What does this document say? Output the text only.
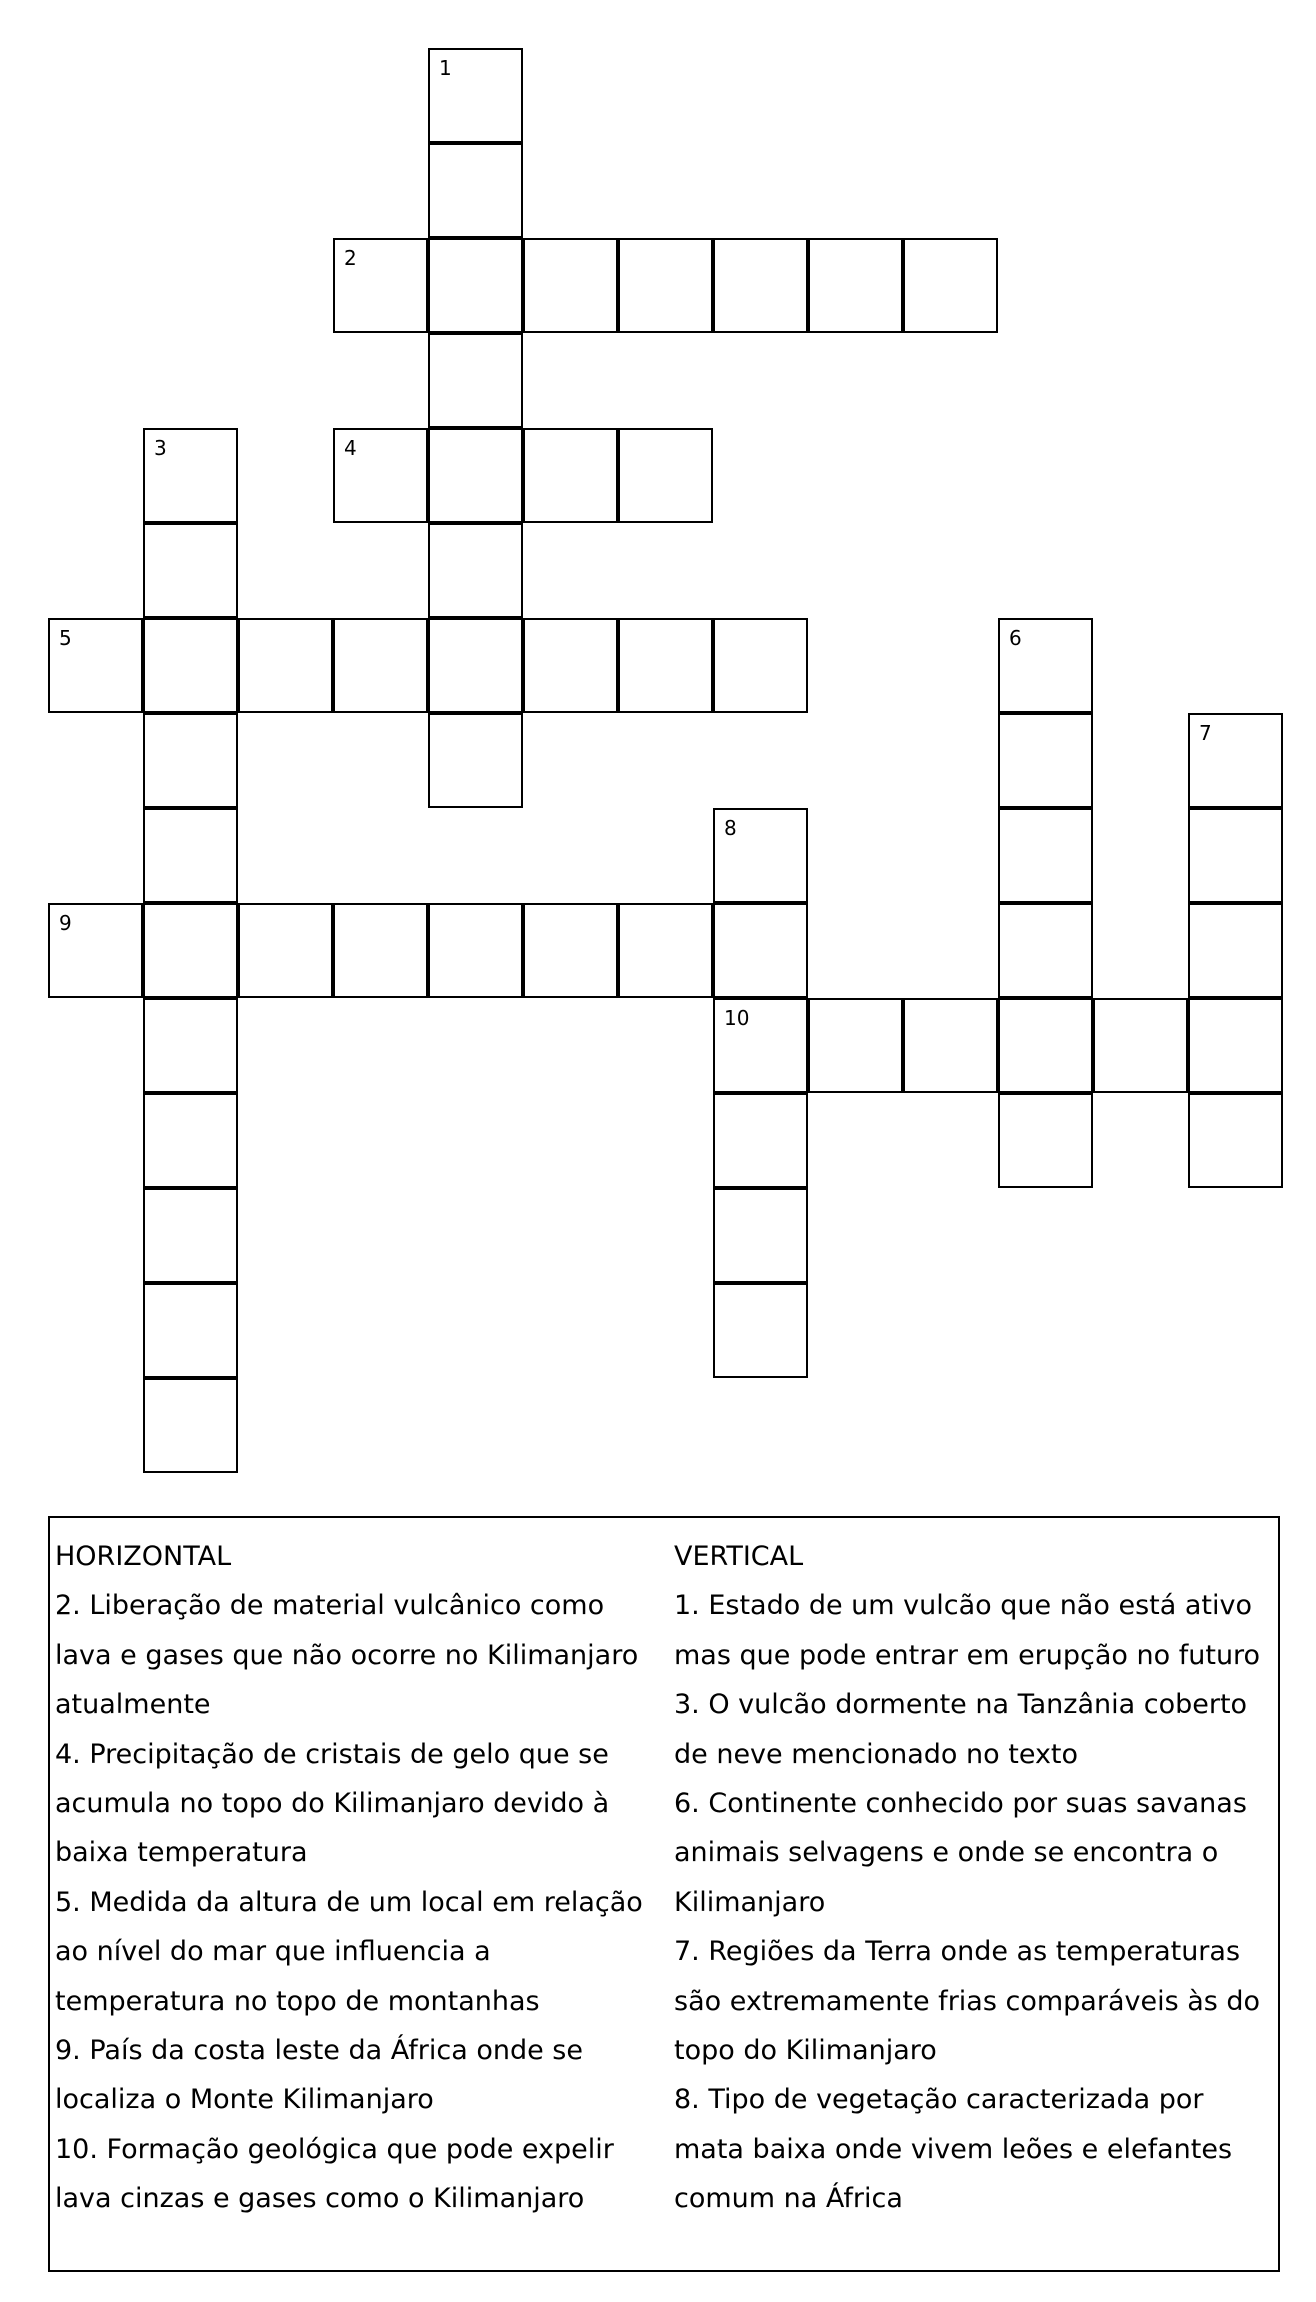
1
2
3	4
5	6
7
8
9
10
HORIZONTAL

2. Liberação de material vulcânico como lava e gases que não ocorre no Kilimanjaro atualmente

4. Precipitação de cristais de gelo que se acumula no topo do Kilimanjaro devido à baixa temperatura

5. Medida da altura de um local em relação ao nível do mar que influencia a temperatura no topo de montanhas

9. País da costa leste da África onde se localiza o Monte Kilimanjaro

10. Formação geológica que pode expelir lava cinzas e gases como o Kilimanjaro

VERTICAL

1. Estado de um vulcão que não está ativo mas que pode entrar em erupção no futuro

3. O vulcão dormente na Tanzânia coberto de neve mencionado no texto

6. Continente conhecido por suas savanas animais selvagens e onde se encontra o Kilimanjaro

7. Regiões da Terra onde as temperaturas são extremamente frias comparáveis às do topo do Kilimanjaro

8. Tipo de vegetação caracterizada por mata baixa onde vivem leões e elefantes comum na África
